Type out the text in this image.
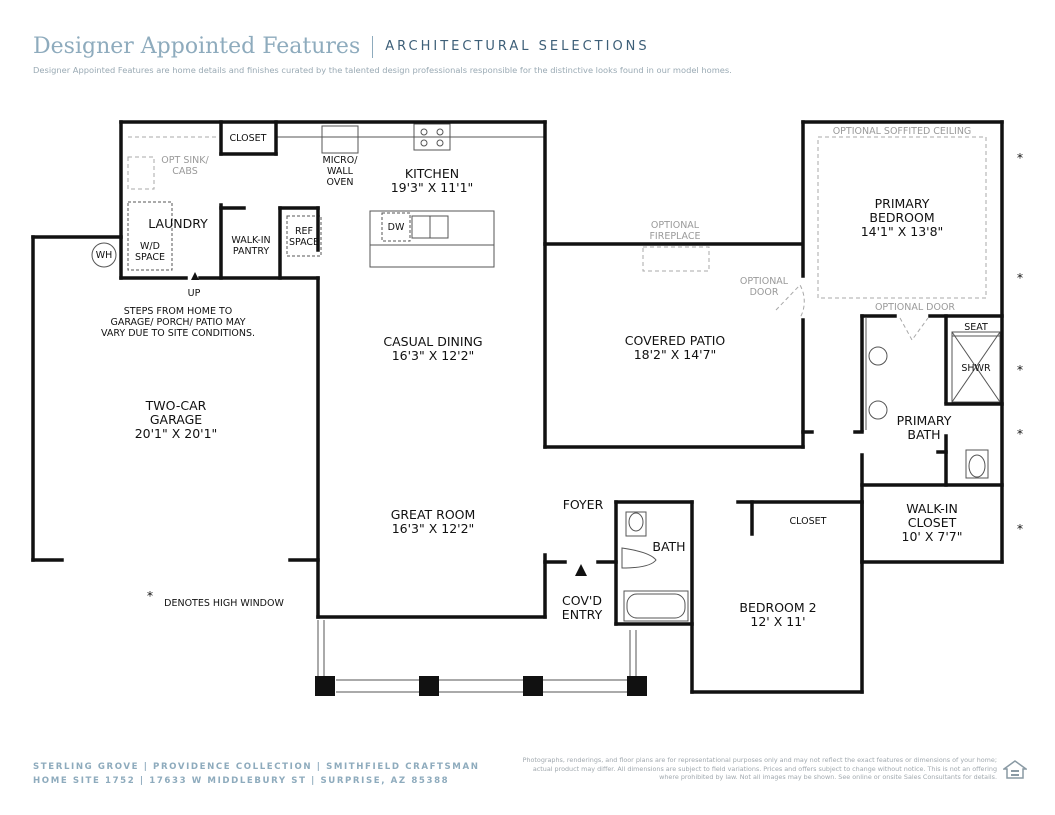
Designer Appointed Features ARCHITECTURAL SELECTIONS
Designer Appointed Features are home details and finishes curated by the talented design professionals responsible for the distinctive looks found in our model homes.
CLOSET
MICRO/
WALL
OVEN
KITCHEN
19'3" X 11'1"
OPT SINK/
CABS
LAUNDRY
W/D
SPACE
WH
WALK-IN
PANTRY
REF
SPACE
DW
UP
STEPS FROM HOME TO
GARAGE/ PORCH/ PATIO MAY
VARY DUE TO SITE CONDITIONS.
TWO-CAR
GARAGE
20'1" X 20'1"
CASUAL DINING
16'3" X 12'2"
GREAT ROOM
16'3" X 12'2"
OPTIONAL
FIREPLACE
COVERED PATIO
18'2" X 14'7"
OPTIONAL
DOOR
OPTIONAL SOFFITED CEILING
PRIMARY
BEDROOM
14'1" X 13'8"
OPTIONAL DOOR
SEAT
SHWR
PRIMARY
BATH
WALK-IN
CLOSET
10' X 7'7"
CLOSET
FOYER
BATH
COV'D
ENTRY	BEDROOM 2
12' X 11'
*
*
*
*
*
*
DENOTES HIGH WINDOW
STERLING GROVE | PROVIDENCE COLLECTION | SMITHFIELD CRAFTSMAN
HOME SITE 1752 | 17633 W MIDDLEBURY ST | SURPRISE, AZ 85388
Photographs, renderings, and floor plans are for representational purposes only and may not reflect the exact features or dimensions of your home; actual product may differ. All dimensions are subject to field variations. Prices and offers subject to change without notice. This is not an offering where prohibited by law. Not all images may be shown. See online or onsite Sales Consultants for details.
